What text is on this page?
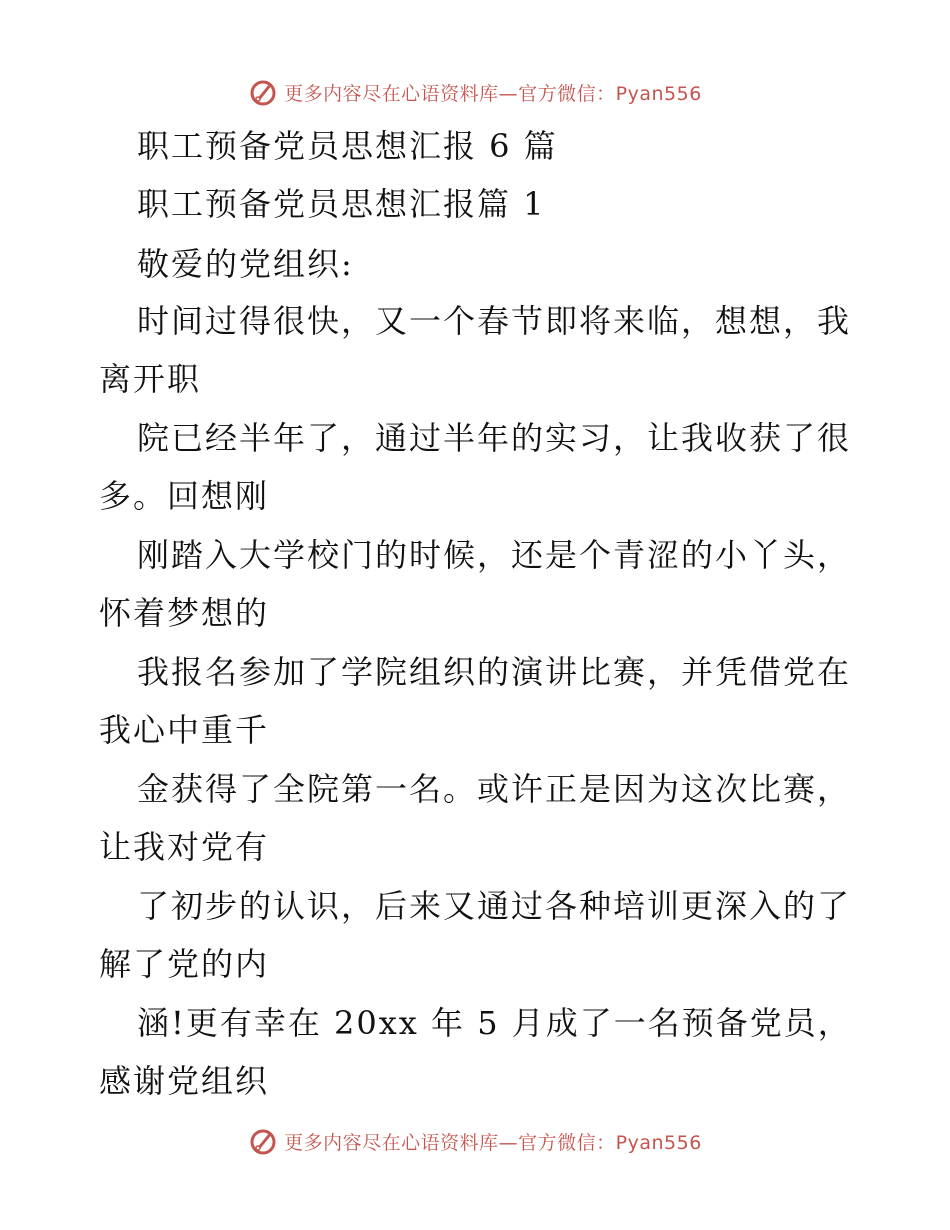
更多内容尽在心语资料库—官方微信：Pyan556
职工预备党员思想汇报 6 篇
职工预备党员思想汇报篇 1
敬爱的党组织:
时间过得很快，又一个春节即将来临，想想，我
离开职
院已经半年了，通过半年的实习，让我收获了很
多。回想刚
刚踏入大学校门的时候，还是个青涩的小丫头，
怀着梦想的
我报名参加了学院组织的演讲比赛，并凭借党在
我心中重千
金获得了全院第一名。或许正是因为这次比赛，
让我对党有
了初步的认识，后来又通过各种培训更深入的了
解了党的内
涵!更有幸在 20xx 年 5 月成了一名预备党员，
感谢党组织
更多内容尽在心语资料库—官方微信：Pyan556
